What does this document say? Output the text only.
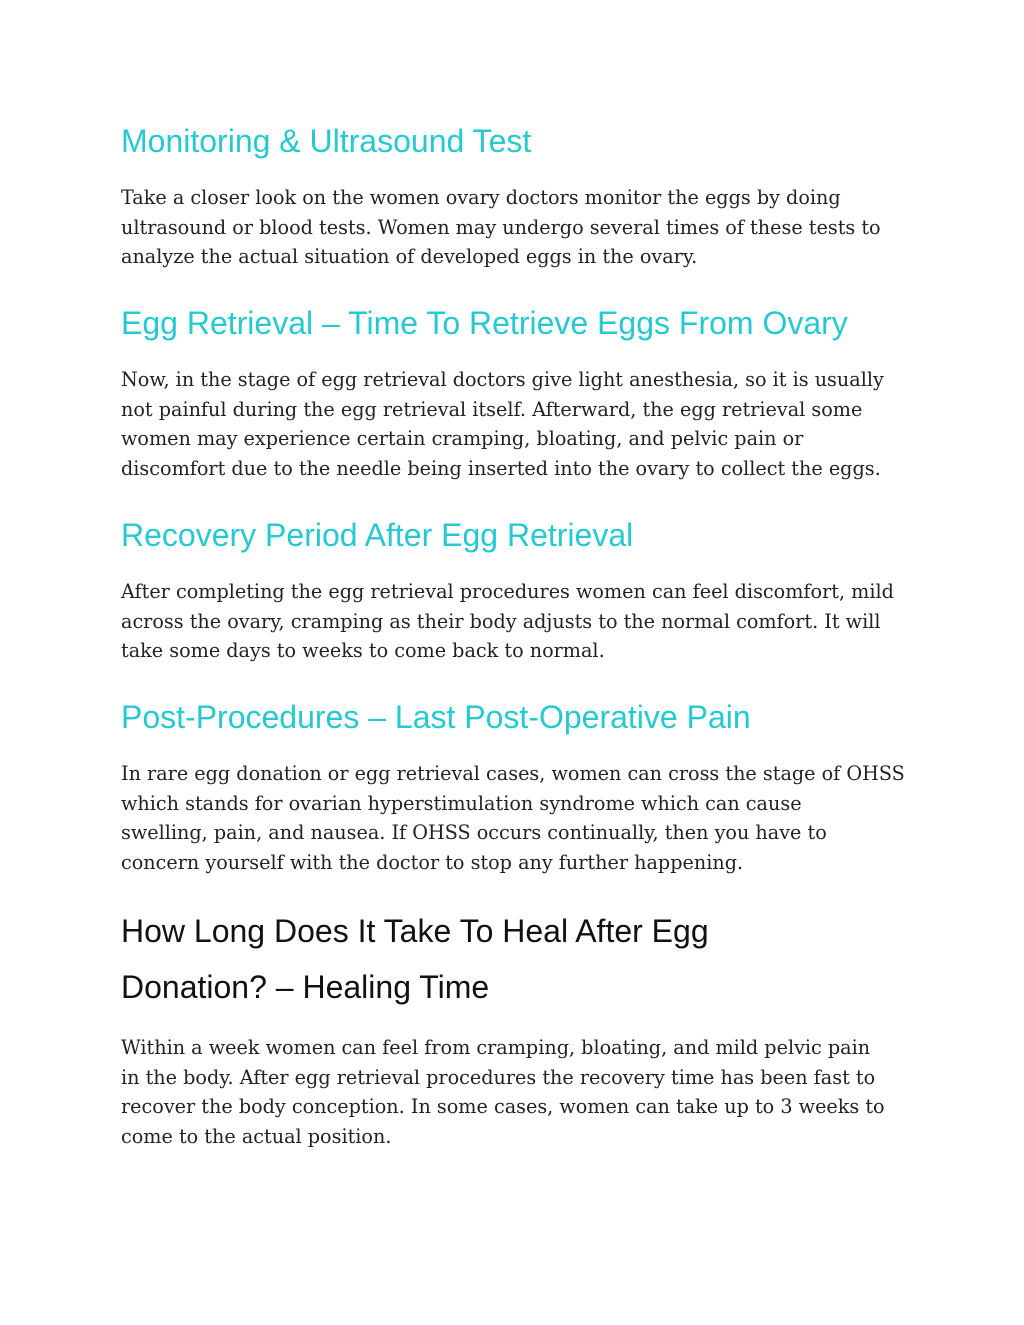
Monitoring & Ultrasound Test

Take a closer look on the women ovary doctors monitor the eggs by doing
ultrasound or blood tests. Women may undergo several times of these tests to
analyze the actual situation of developed eggs in the ovary.

Egg Retrieval – Time To Retrieve Eggs From Ovary

Now, in the stage of egg retrieval doctors give light anesthesia, so it is usually
not painful during the egg retrieval itself. Afterward, the egg retrieval some
women may experience certain cramping, bloating, and pelvic pain or
discomfort due to the needle being inserted into the ovary to collect the eggs.

Recovery Period After Egg Retrieval

After completing the egg retrieval procedures women can feel discomfort, mild
across the ovary, cramping as their body adjusts to the normal comfort. It will
take some days to weeks to come back to normal.

Post-Procedures – Last Post-Operative Pain

In rare egg donation or egg retrieval cases, women can cross the stage of OHSS
which stands for ovarian hyperstimulation syndrome which can cause
swelling, pain, and nausea. If OHSS occurs continually, then you have to
concern yourself with the doctor to stop any further happening.

How Long Does It Take To Heal After Egg
Donation? – Healing Time

Within a week women can feel from cramping, bloating, and mild pelvic pain
in the body. After egg retrieval procedures the recovery time has been fast to
recover the body conception. In some cases, women can take up to 3 weeks to
come to the actual position.
